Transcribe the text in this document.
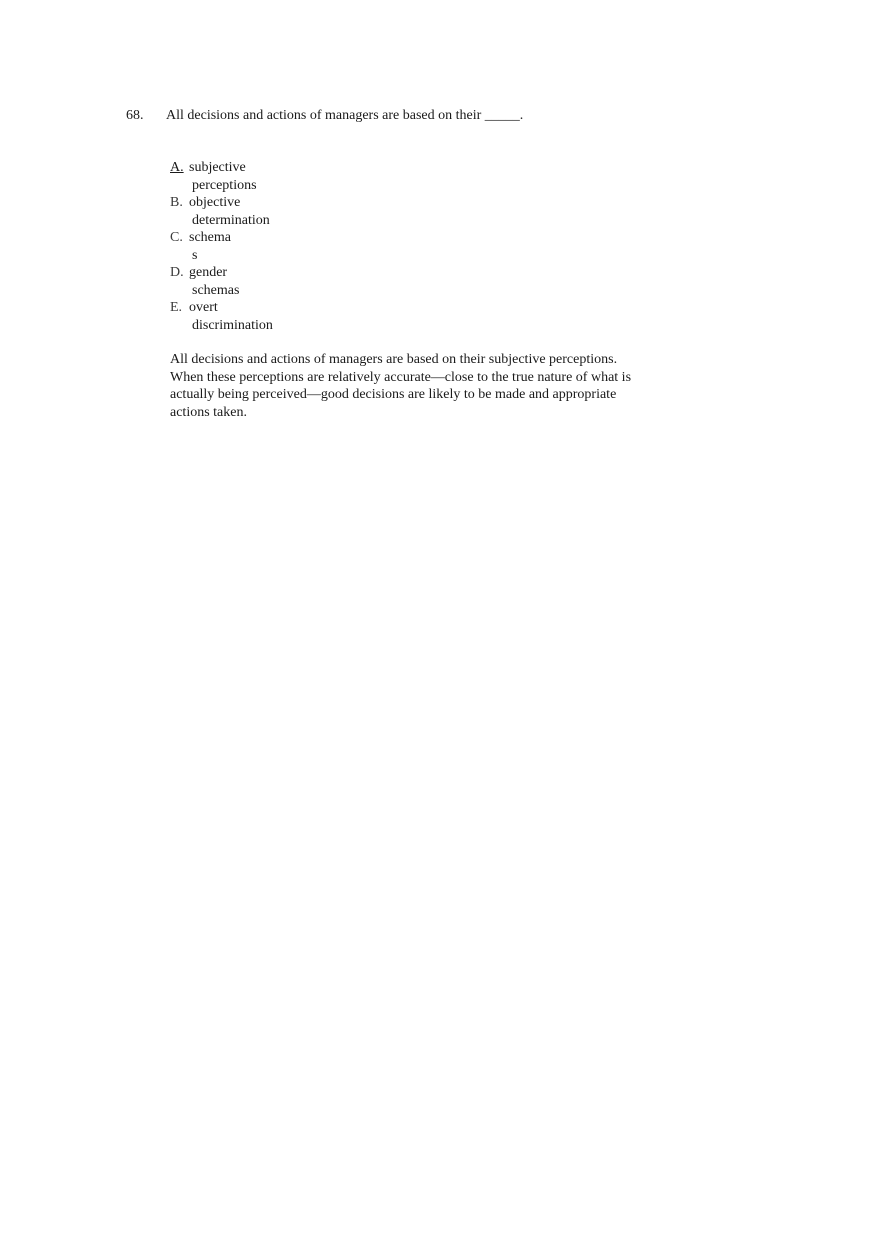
68. All decisions and actions of managers are based on their _____.
A. subjective
perceptions
B. objective
determination
C. schema
s
D. gender
schemas
E. overt
discrimination
All decisions and actions of managers are based on their subjective perceptions.
When these perceptions are relatively accurate—close to the true nature of what is
actually being perceived—good decisions are likely to be made and appropriate
actions taken.
